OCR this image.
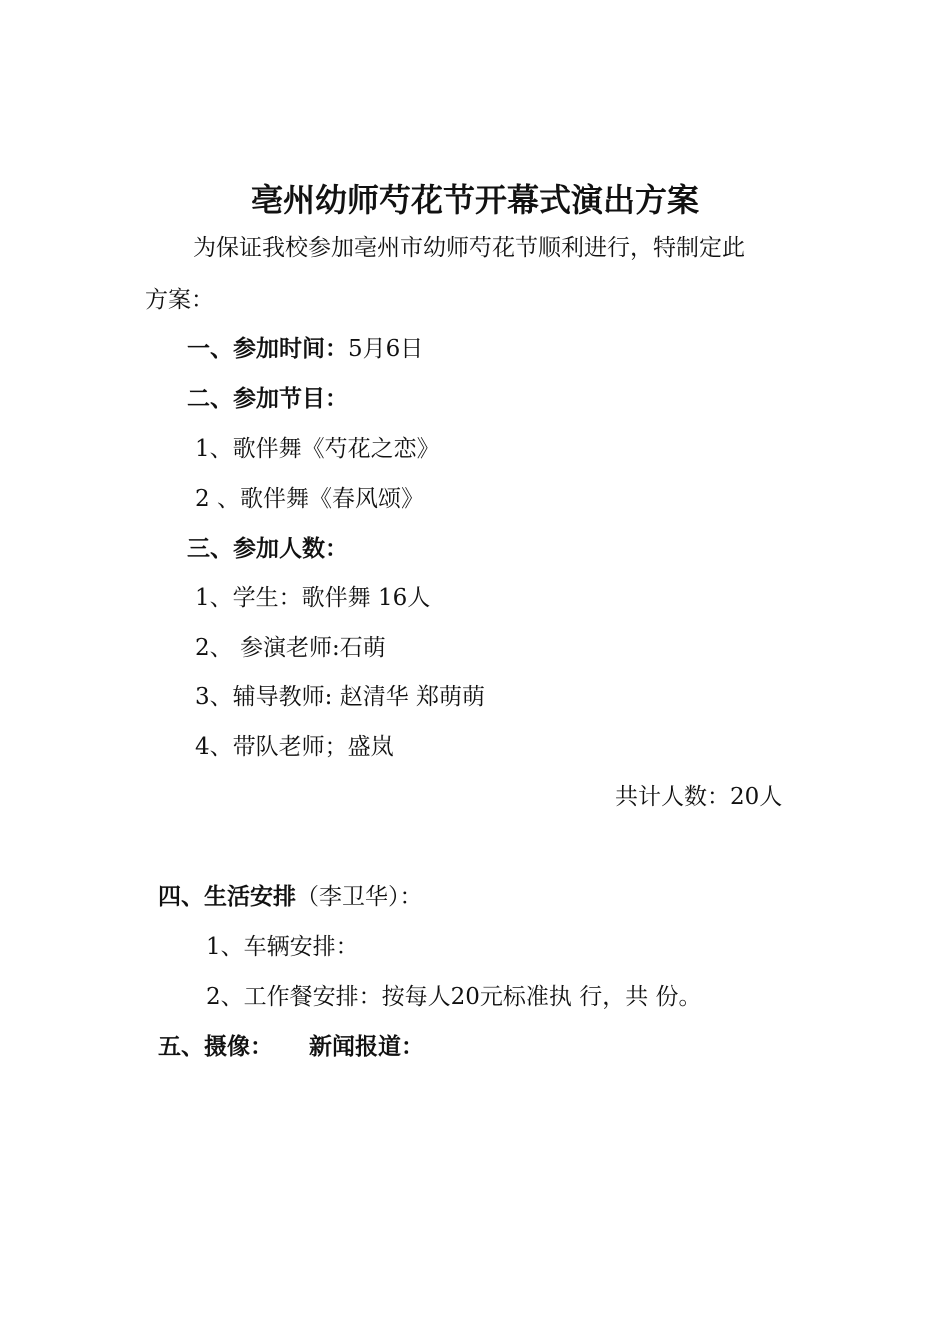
亳州幼师芍花节开幕式演出方案
为保证我校参加亳州市幼师芍花节顺利进行，特制定此
方案：
一、参加时间：5月6日
二、参加节目：
1、歌伴舞《芍花之恋》
2 、歌伴舞《春风颂》
三、参加人数：
1、学生：歌伴舞 16人
2、 参演老师:石萌
3、辅导教师: 赵清华 郑萌萌
4、带队老师；盛岚
共计人数：20人
四、生活安排（李卫华）：
1、车辆安排：
2、工作餐安排：按每人20元标准执 行，共 份。
五、摄像： 新闻报道：
